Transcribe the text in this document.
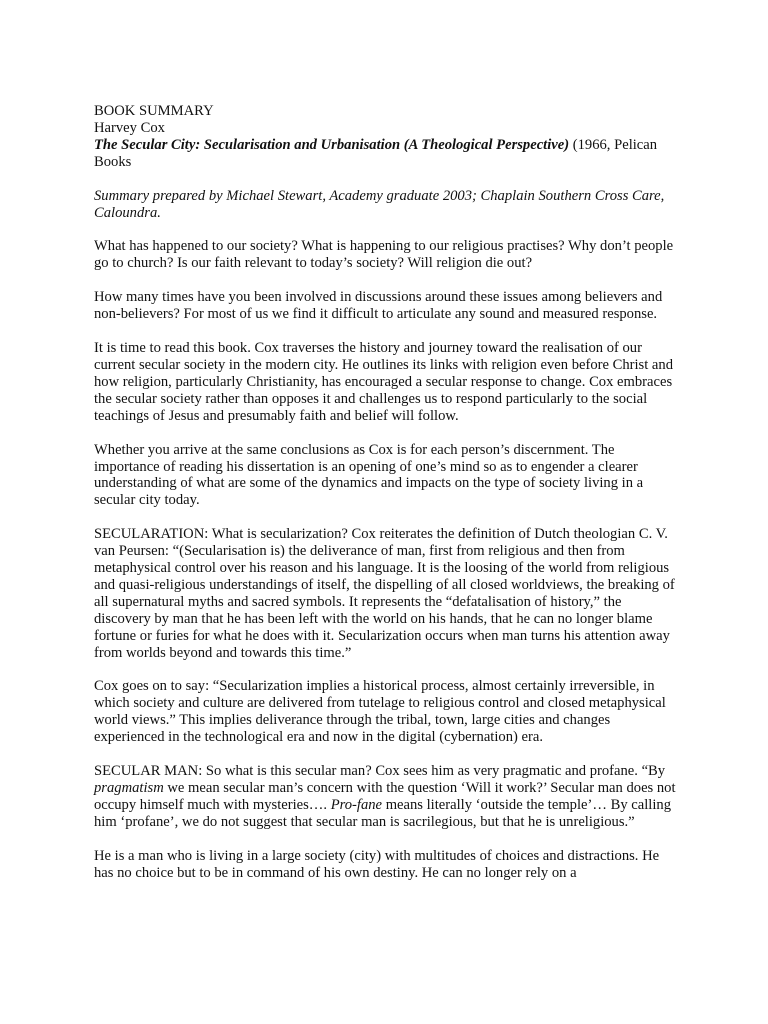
BOOK SUMMARY

Harvey Cox

The Secular City: Secularisation and Urbanisation (A Theological Perspective) (1966, Pelican Books

Summary prepared by Michael Stewart, Academy graduate 2003; Chaplain Southern Cross Care, Caloundra.

What has happened to our society? What is happening to our religious practises? Why don’t people go to church? Is our faith relevant to today’s society? Will religion die out?

How many times have you been involved in discussions around these issues among believers and non-believers? For most of us we find it difficult to articulate any sound and measured response.

It is time to read this book. Cox traverses the history and journey toward the realisation of our current secular society in the modern city. He outlines its links with religion even before Christ and how religion, particularly Christianity, has encouraged a secular response to change. Cox embraces the secular society rather than opposes it and challenges us to respond particularly to the social teachings of Jesus and presumably faith and belief will follow.

Whether you arrive at the same conclusions as Cox is for each person’s discernment. The importance of reading his dissertation is an opening of one’s mind so as to engender a clearer understanding of what are some of the dynamics and impacts on the type of society living in a secular city today.

SECULARATION: What is secularization? Cox reiterates the definition of Dutch theologian C. V. van Peursen: “(Secularisation is) the deliverance of man, first from religious and then from metaphysical control over his reason and his language. It is the loosing of the world from religious and quasi-religious understandings of itself, the dispelling of all closed worldviews, the breaking of all supernatural myths and sacred symbols. It represents the “defatalisation of history,” the discovery by man that he has been left with the world on his hands, that he can no longer blame fortune or furies for what he does with it. Secularization occurs when man turns his attention away from worlds beyond and towards this time.”

Cox goes on to say: “Secularization implies a historical process, almost certainly irreversible, in which society and culture are delivered from tutelage to religious control and closed metaphysical world views.” This implies deliverance through the tribal, town, large cities and changes experienced in the technological era and now in the digital (cybernation) era.

SECULAR MAN: So what is this secular man? Cox sees him as very pragmatic and profane. “By pragmatism we mean secular man’s concern with the question ‘Will it work?’ Secular man does not occupy himself much with mysteries…. Pro-fane means literally ‘outside the temple’… By calling him ‘profane’, we do not suggest that secular man is sacrilegious, but that he is unreligious.”

He is a man who is living in a large society (city) with multitudes of choices and distractions. He has no choice but to be in command of his own destiny. He can no longer rely on a
